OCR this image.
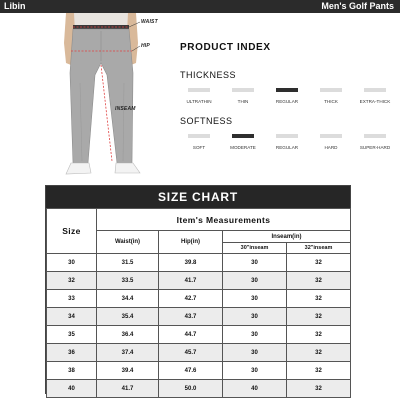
Libin	Men's Golf Pants
WAIST
HIP
INSEAM
PRODUCT INDEX
THICKNESS
ULTRATHIN	THIN	REGULAR	THICK	EXTRA-THICK
SOFTNESS
SOFT	MODERATE	REGULAR	HARD	SUPER-HARD
SIZE CHART
Size	Item's Measurements			
	Waist(in)	Hip(in)	Inseam(in)	
			30"inseam	32"inseam
30	31.5	39.8	30	32
32	33.5	41.7	30	32
33	34.4	42.7	30	32
34	35.4	43.7	30	32
35	36.4	44.7	30	32
36	37.4	45.7	30	32
38	39.4	47.6	30	32
40	41.7	50.0	40	32
